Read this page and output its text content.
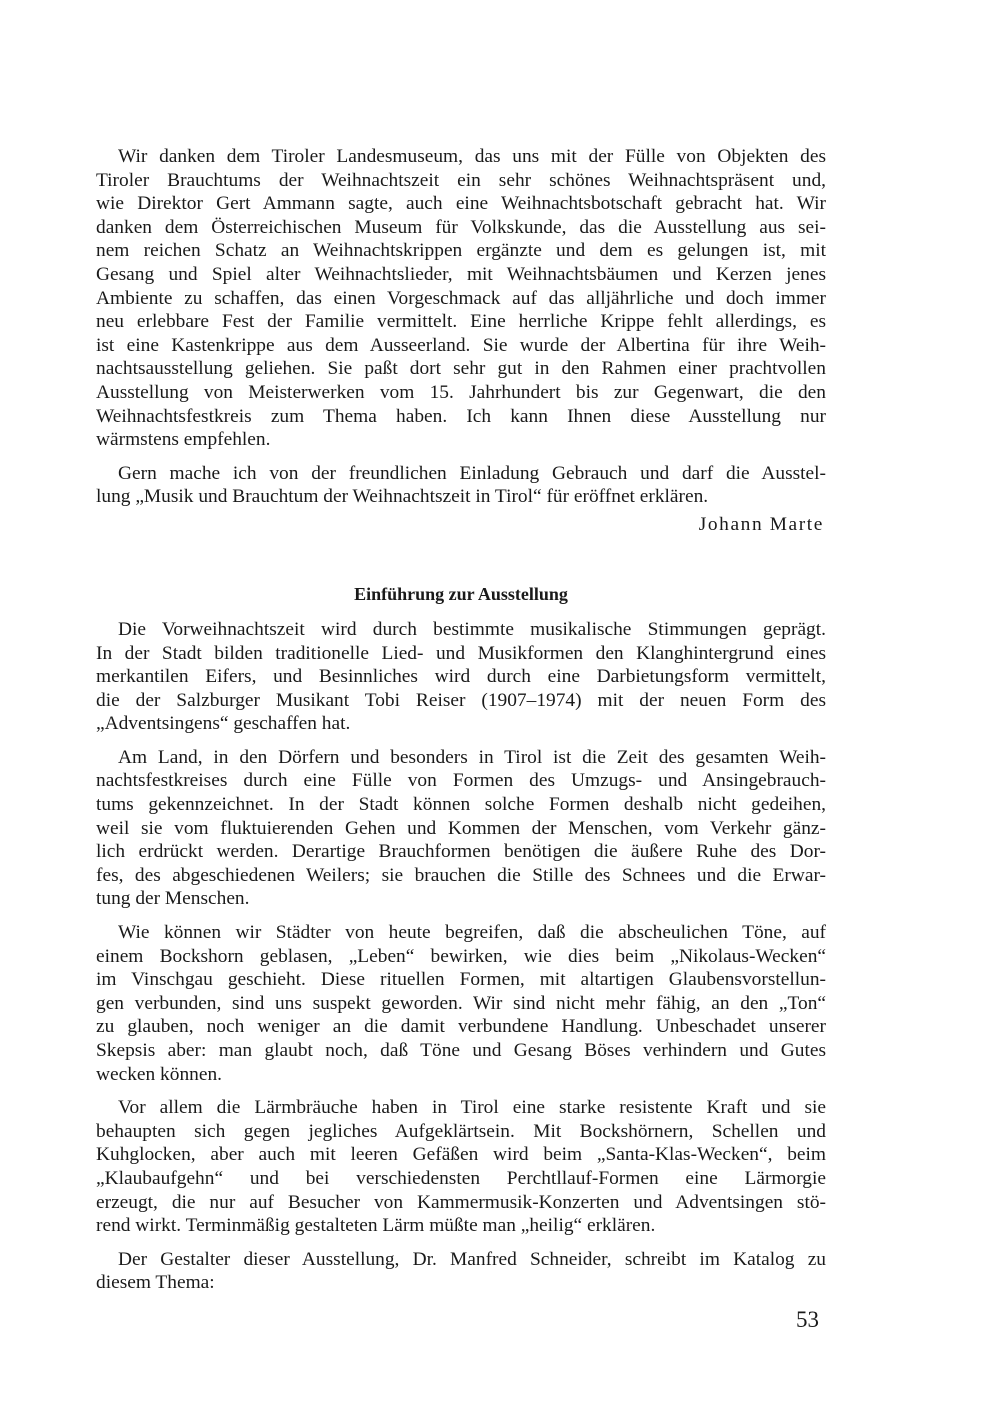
Wir danken dem Tiroler Landesmuseum, das uns mit der Fülle von Objekten des
Tiroler Brauchtums der Weihnachtszeit ein sehr schönes Weihnachtspräsent und,
wie Direktor Gert Ammann sagte, auch eine Weihnachtsbotschaft gebracht hat. Wir
danken dem Österreichischen Museum für Volkskunde, das die Ausstellung aus sei-
nem reichen Schatz an Weihnachtskrippen ergänzte und dem es gelungen ist, mit
Gesang und Spiel alter Weihnachtslieder, mit Weihnachtsbäumen und Kerzen jenes
Ambiente zu schaffen, das einen Vorgeschmack auf das alljährliche und doch immer
neu erlebbare Fest der Familie vermittelt. Eine herrliche Krippe fehlt allerdings, es
ist eine Kastenkrippe aus dem Ausseerland. Sie wurde der Albertina für ihre Weih-
nachtsausstellung geliehen. Sie paßt dort sehr gut in den Rahmen einer prachtvollen
Ausstellung von Meisterwerken vom 15. Jahrhundert bis zur Gegenwart, die den
Weihnachtsfestkreis zum Thema haben. Ich kann Ihnen diese Ausstellung nur
wärmstens empfehlen.
Gern mache ich von der freundlichen Einladung Gebrauch und darf die Ausstel-
lung „Musik und Brauchtum der Weihnachtszeit in Tirol“ für eröffnet erklären.
Johann Marte
Einführung zur Ausstellung
Die Vorweihnachtszeit wird durch bestimmte musikalische Stimmungen geprägt.
In der Stadt bilden traditionelle Lied- und Musikformen den Klanghintergrund eines
merkantilen Eifers, und Besinnliches wird durch eine Darbietungsform vermittelt,
die der Salzburger Musikant Tobi Reiser (1907–1974) mit der neuen Form des
„Adventsingens“ geschaffen hat.
Am Land, in den Dörfern und besonders in Tirol ist die Zeit des gesamten Weih-
nachtsfestkreises durch eine Fülle von Formen des Umzugs- und Ansingebrauch-
tums gekennzeichnet. In der Stadt können solche Formen deshalb nicht gedeihen,
weil sie vom fluktuierenden Gehen und Kommen der Menschen, vom Verkehr gänz-
lich erdrückt werden. Derartige Brauchformen benötigen die äußere Ruhe des Dor-
fes, des abgeschiedenen Weilers; sie brauchen die Stille des Schnees und die Erwar-
tung der Menschen.
Wie können wir Städter von heute begreifen, daß die abscheulichen Töne, auf
einem Bockshorn geblasen, „Leben“ bewirken, wie dies beim „Nikolaus-Wecken“
im Vinschgau geschieht. Diese rituellen Formen, mit altartigen Glaubensvorstellun-
gen verbunden, sind uns suspekt geworden. Wir sind nicht mehr fähig, an den „Ton“
zu glauben, noch weniger an die damit verbundene Handlung. Unbeschadet unserer
Skepsis aber: man glaubt noch, daß Töne und Gesang Böses verhindern und Gutes
wecken können.
Vor allem die Lärmbräuche haben in Tirol eine starke resistente Kraft und sie
behaupten sich gegen jegliches Aufgeklärtsein. Mit Bockshörnern, Schellen und
Kuhglocken, aber auch mit leeren Gefäßen wird beim „Santa-Klas-Wecken“, beim
„Klaubaufgehn“ und bei verschiedensten Perchtllauf-Formen eine Lärmorgie
erzeugt, die nur auf Besucher von Kammermusik-Konzerten und Adventsingen stö-
rend wirkt. Terminmäßig gestalteten Lärm müßte man „heilig“ erklären.
Der Gestalter dieser Ausstellung, Dr. Manfred Schneider, schreibt im Katalog zu
diesem Thema:
53
